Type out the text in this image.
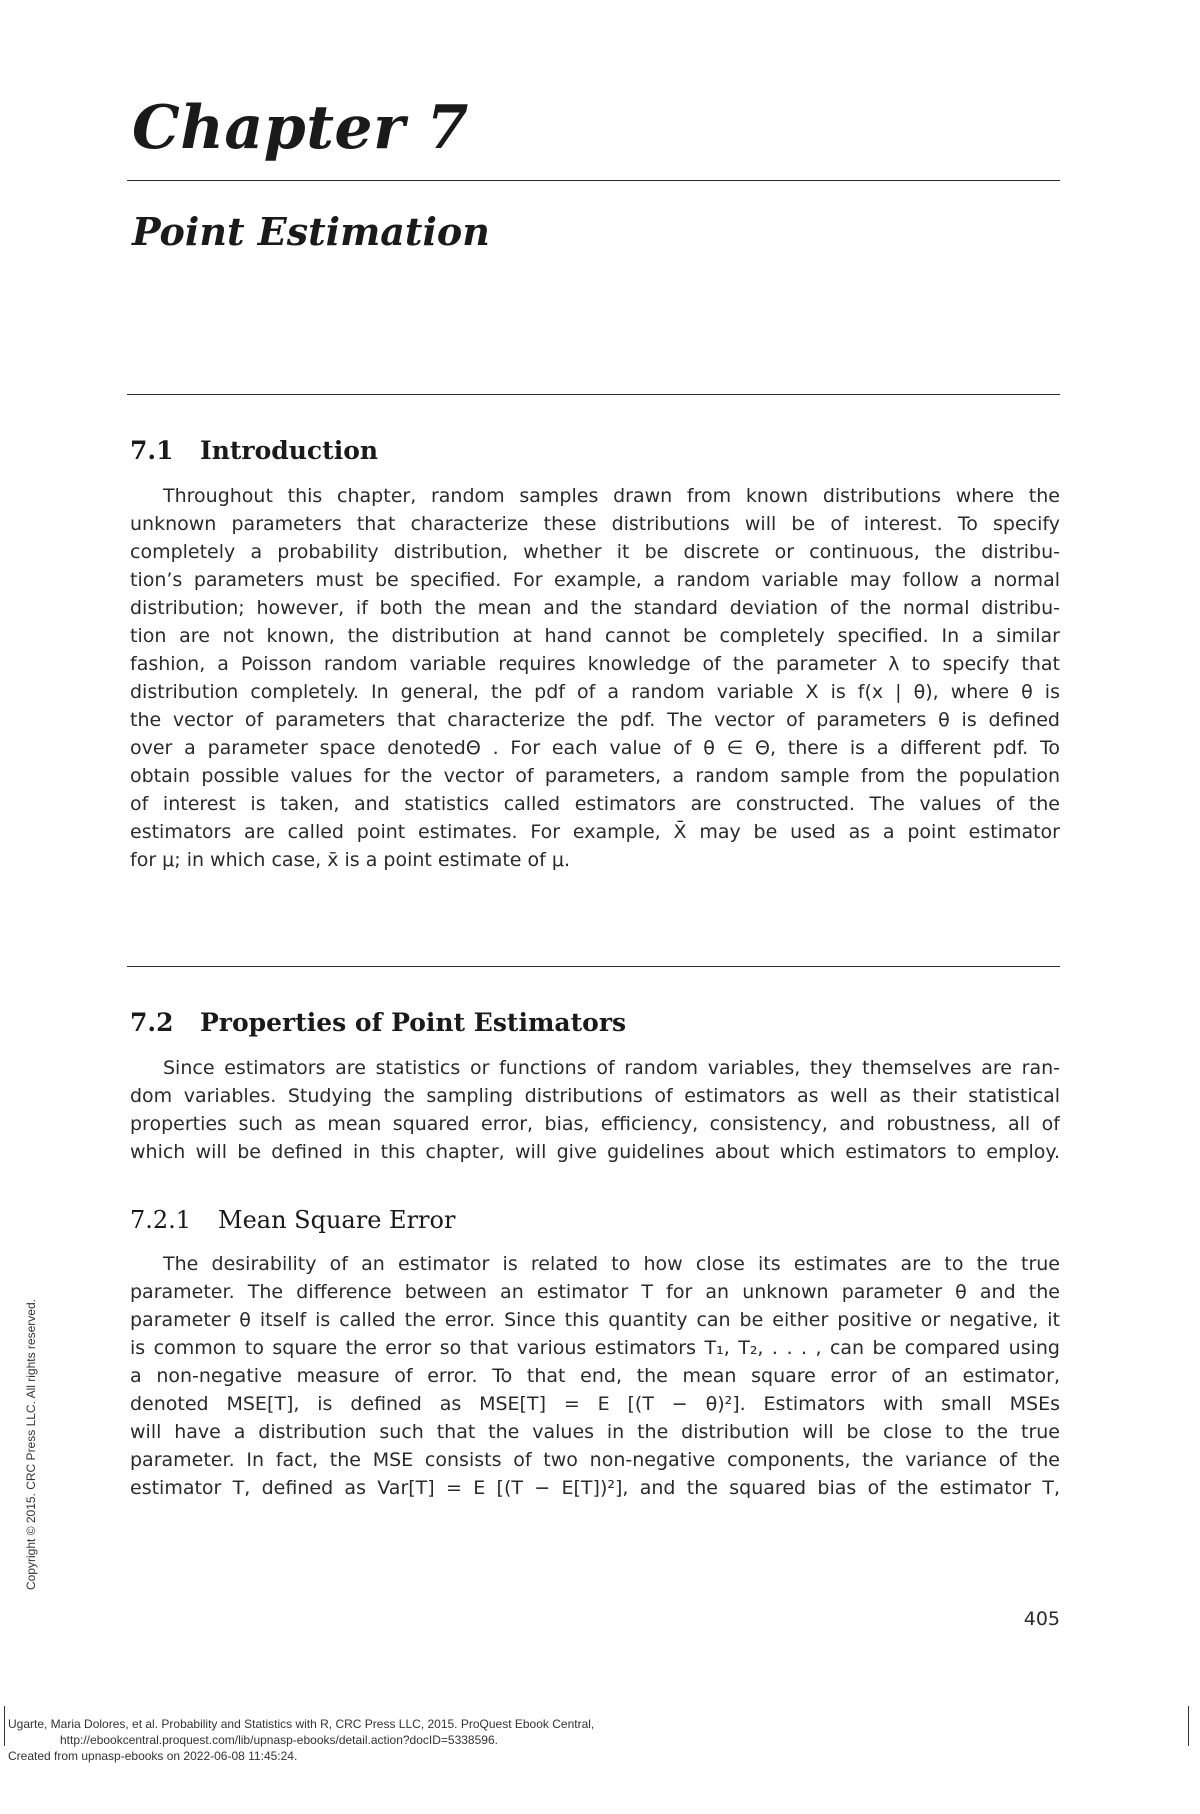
Chapter 7
Point Estimation
7.1 Introduction
Throughout this chapter, random samples drawn from known distributions where the
unknown parameters that characterize these distributions will be of interest. To specify
completely a probability distribution, whether it be discrete or continuous, the distribu-
tion’s parameters must be specified. For example, a random variable may follow a normal
distribution; however, if both the mean and the standard deviation of the normal distribu-
tion are not known, the distribution at hand cannot be completely specified. In a similar
fashion, a Poisson random variable requires knowledge of the parameter λ to specify that
distribution completely. In general, the pdf of a random variable X is f(x | θ), where θ is
the vector of parameters that characterize the pdf. The vector of parameters θ is defined
over a parameter space denotedΘ . For each value of θ ∈ Θ, there is a different pdf. To
obtain possible values for the vector of parameters, a random sample from the population
of interest is taken, and statistics called estimators are constructed. The values of the
estimators are called point estimates. For example, X̄ may be used as a point estimator
for μ; in which case, x̄ is a point estimate of μ.
7.2 Properties of Point Estimators
Since estimators are statistics or functions of random variables, they themselves are ran-
dom variables. Studying the sampling distributions of estimators as well as their statistical
properties such as mean squared error, bias, efficiency, consistency, and robustness, all of
which will be defined in this chapter, will give guidelines about which estimators to employ.
7.2.1 Mean Square Error
The desirability of an estimator is related to how close its estimates are to the true
parameter. The difference between an estimator T for an unknown parameter θ and the
parameter θ itself is called the error. Since this quantity can be either positive or negative, it
is common to square the error so that various estimators T₁, T₂, . . . , can be compared using
a non-negative measure of error. To that end, the mean square error of an estimator,
denoted MSE[T], is defined as MSE[T] = E [(T − θ)²]. Estimators with small MSEs
will have a distribution such that the values in the distribution will be close to the true
parameter. In fact, the MSE consists of two non-negative components, the variance of the
estimator T, defined as Var[T] = E [(T − E[T])²], and the squared bias of the estimator T,
405
Copyright © 2015. CRC Press LLC. All rights reserved.
Ugarte, Maria Dolores, et al. Probability and Statistics with R, CRC Press LLC, 2015. ProQuest Ebook Central,
http://ebookcentral.proquest.com/lib/upnasp-ebooks/detail.action?docID=5338596.
Created from upnasp-ebooks on 2022-06-08 11:45:24.
